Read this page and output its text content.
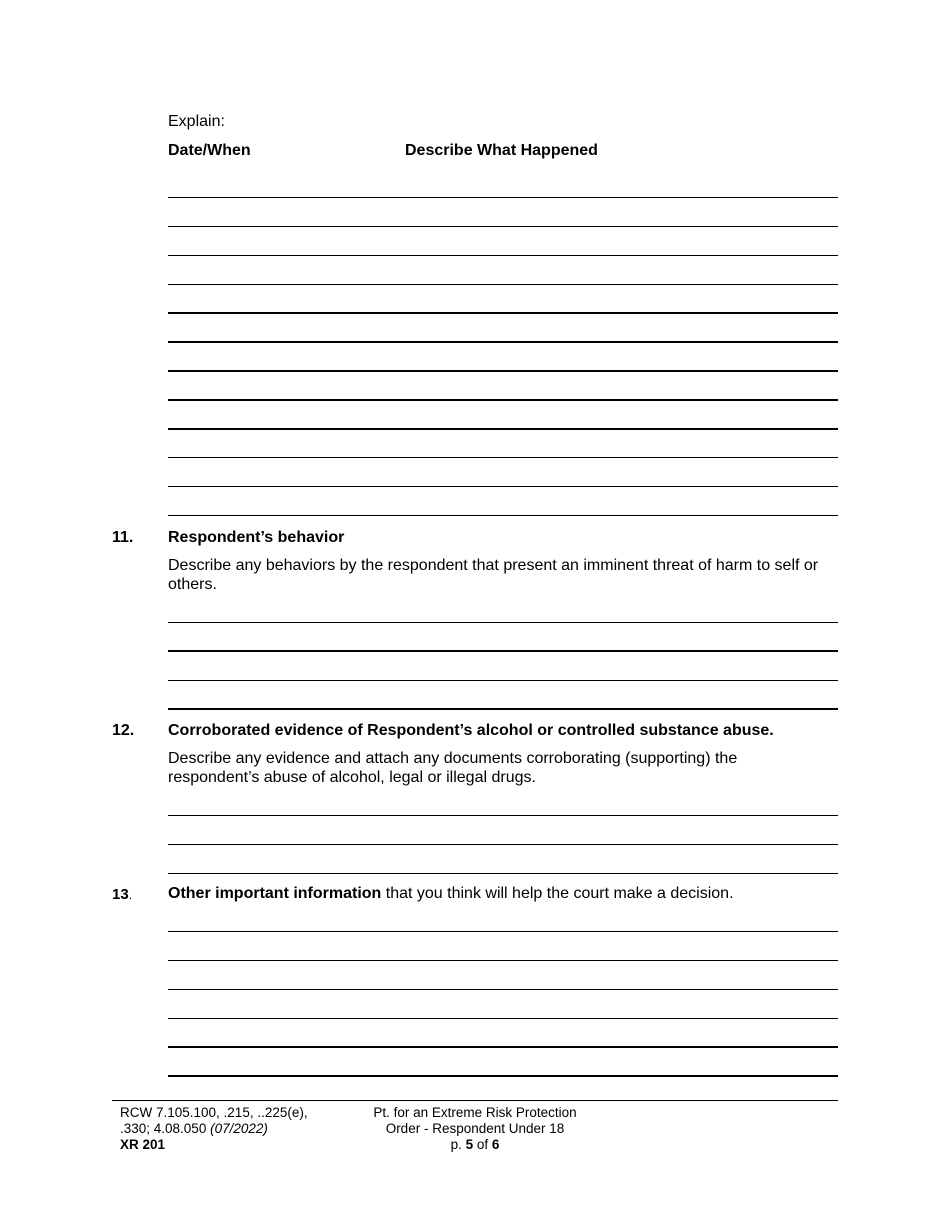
Explain:
Date/When	Describe What Happened
11. Respondent’s behavior
Describe any behaviors by the respondent that present an imminent threat of harm to self or others.
12. Corroborated evidence of Respondent’s alcohol or controlled substance abuse.
Describe any evidence and attach any documents corroborating (supporting) the respondent’s abuse of alcohol, legal or illegal drugs.
13. Other important information that you think will help the court make a decision.
RCW 7.105.100, .215, ..225(e),
.330; 4.08.050 (07/2022)
XR 201
Pt. for an Extreme Risk Protection
Order - Respondent Under 18
p. 5 of 6
